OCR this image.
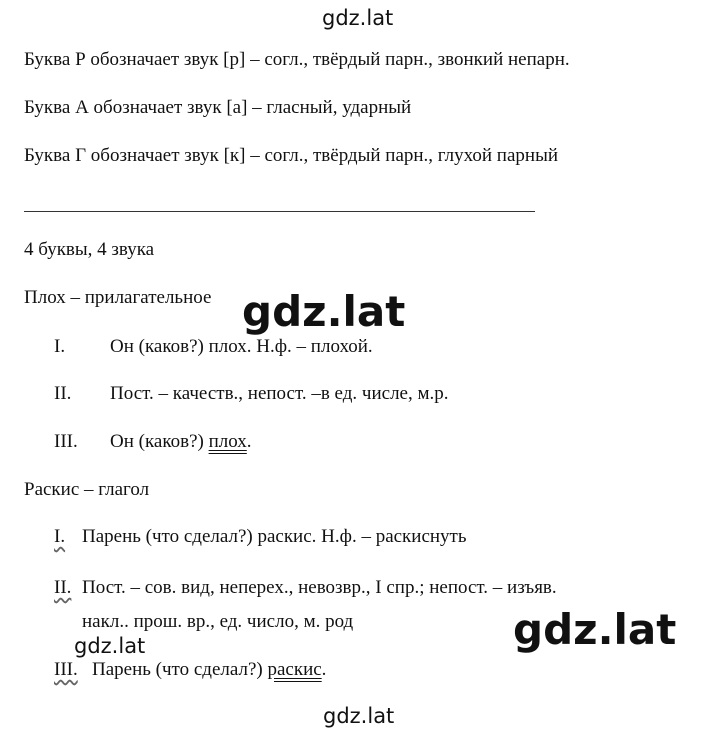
gdz.lat
gdz.lat
gdz.lat
gdz.lat
gdz.lat
Буква Р обозначает звук [р] – согл., твёрдый парн., звонкий непарн.
Буква А обозначает звук [а] – гласный, ударный
Буква Г обозначает звук [к] – согл., твёрдый парн., глухой парный
4 буквы, 4 звука
Плох – прилагательное
I. Он (каков?) плох. Н.ф. – плохой.
II. Пост. – качеств., непост. –в ед. числе, м.р.
III. Он (каков?) плох.
Раскис – глагол
I. Парень (что сделал?) раскис. Н.ф. – раскиснуть
II. Пост. – сов. вид, неперех., невозвр., I спр.; непост. – изъяв.
накл.. прош. вр., ед. число, м. род
III. Парень (что сделал?) раскис.
